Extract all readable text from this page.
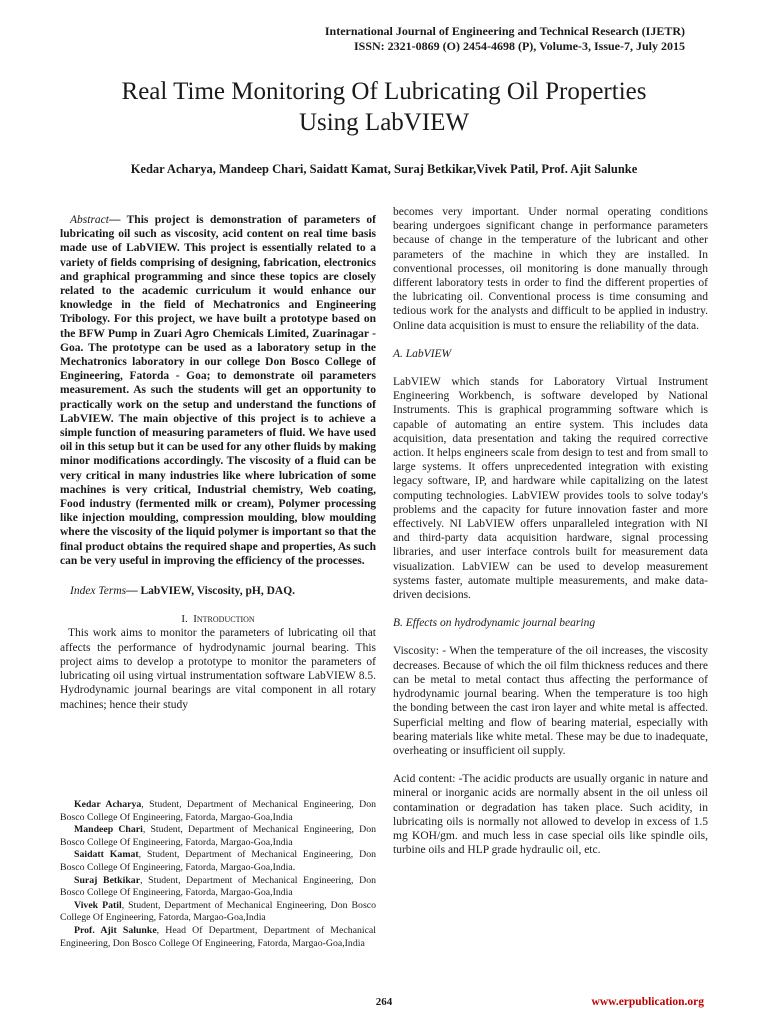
International Journal of Engineering and Technical Research (IJETR)
ISSN: 2321-0869 (O) 2454-4698 (P), Volume-3, Issue-7, July 2015
Real Time Monitoring Of Lubricating Oil Properties
Using LabVIEW
Kedar Acharya, Mandeep Chari, Saidatt Kamat, Suraj Betkikar,Vivek Patil, Prof. Ajit Salunke

Abstract— This project is demonstration of parameters of lubricating oil such as viscosity, acid content on real time basis made use of LabVIEW. This project is essentially related to a variety of fields comprising of designing, fabrication, electronics and graphical programming and since these topics are closely related to the academic curriculum it would enhance our knowledge in the field of Mechatronics and Engineering Tribology. For this project, we have built a prototype based on the BFW Pump in Zuari Agro Chemicals Limited, Zuarinagar - Goa. The prototype can be used as a laboratory setup in the Mechatronics laboratory in our college Don Bosco College of Engineering, Fatorda - Goa; to demonstrate oil parameters measurement. As such the students will get an opportunity to practically work on the setup and understand the functions of LabVIEW. The main objective of this project is to achieve a simple function of measuring parameters of fluid. We have used oil in this setup but it can be used for any other fluids by making minor modifications accordingly. The viscosity of a fluid can be very critical in many industries like where lubrication of some machines is very critical, Industrial chemistry, Web coating, Food industry (fermented milk or cream), Polymer processing like injection moulding, compression moulding, blow moulding where the viscosity of the liquid polymer is important so that the final product obtains the required shape and properties, As such can be very useful in improving the efficiency of the processes.

Index Terms— LabVIEW, Viscosity, pH, DAQ.

I. Introduction

This work aims to monitor the parameters of lubricating oil that affects the performance of hydrodynamic journal bearing. This project aims to develop a prototype to monitor the parameters of lubricating oil using virtual instrumentation software LabVIEW 8.5. Hydrodynamic journal bearings are vital component in all rotary machines; hence their study

Kedar Acharya, Student, Department of Mechanical Engineering, Don Bosco College Of Engineering, Fatorda, Margao-Goa,India

Mandeep Chari, Student, Department of Mechanical Engineering, Don Bosco College Of Engineering, Fatorda, Margao-Goa,India

Saidatt Kamat, Student, Department of Mechanical Engineering, Don Bosco College Of Engineering, Fatorda, Margao-Goa,India.

Suraj Betkikar, Student, Department of Mechanical Engineering, Don Bosco College Of Engineering, Fatorda, Margao-Goa,India

Vivek Patil, Student, Department of Mechanical Engineering, Don Bosco College Of Engineering, Fatorda, Margao-Goa,India

Prof. Ajit Salunke, Head Of Department, Department of Mechanical Engineering, Don Bosco College Of Engineering, Fatorda, Margao-Goa,India

becomes very important. Under normal operating conditions bearing undergoes significant change in performance parameters because of change in the temperature of the lubricant and other parameters of the machine in which they are installed. In conventional processes, oil monitoring is done manually through different laboratory tests in order to find the different properties of the lubricating oil. Conventional process is time consuming and tedious work for the analysts and difficult to be applied in industry. Online data acquisition is must to ensure the reliability of the data.

A. LabVIEW

LabVIEW which stands for Laboratory Virtual Instrument Engineering Workbench, is software developed by National Instruments. This is graphical programming software which is capable of automating an entire system. This includes data acquisition, data presentation and taking the required corrective action. It helps engineers scale from design to test and from small to large systems. It offers unprecedented integration with existing legacy software, IP, and hardware while capitalizing on the latest computing technologies. LabVIEW provides tools to solve today's problems and the capacity for future innovation faster and more effectively. NI LabVIEW offers unparalleled integration with NI and third-party data acquisition hardware, signal processing libraries, and user interface controls built for measurement data visualization. LabVIEW can be used to develop measurement systems faster, automate multiple measurements, and make data-driven decisions.

B. Effects on hydrodynamic journal bearing

Viscosity: - When the temperature of the oil increases, the viscosity decreases. Because of which the oil film thickness reduces and there can be metal to metal contact thus affecting the performance of hydrodynamic journal bearing. When the temperature is too high the bonding between the cast iron layer and white metal is affected. Superficial melting and flow of bearing material, especially with bearing materials like white metal. These may be due to inadequate, overheating or insufficient oil supply.

Acid content: -The acidic products are usually organic in nature and mineral or inorganic acids are normally absent in the oil unless oil contamination or degradation has taken place. Such acidity, in lubricating oils is normally not allowed to develop in excess of 1.5 mg KOH/gm. and much less in case special oils like spindle oils, turbine oils and HLP grade hydraulic oil, etc.

264	www.erpublication.org
